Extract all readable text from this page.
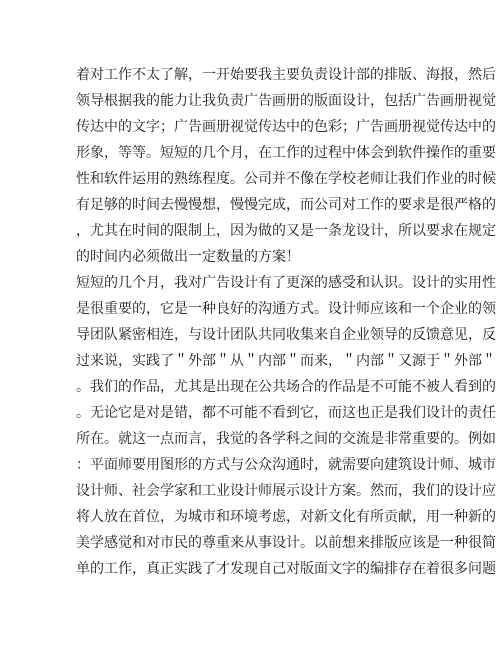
着对工作不太了解，一开始要我主要负责设计部的排版、海报，然后
领导根据我的能力让我负责广告画册的版面设计，包括广告画册视觉
传达中的文字；广告画册视觉传达中的色彩；广告画册视觉传达中的
形象，等等。短短的几个月，在工作的过程中体会到软件操作的重要
性和软件运用的熟练程度。公司并不像在学校老师让我们作业的时候
有足够的时间去慢慢想，慢慢完成，而公司对工作的要求是很严格的
，尤其在时间的限制上，因为做的又是一条龙设计，所以要求在规定
的时间内必须做出一定数量的方案！
短短的几个月，我对广告设计有了更深的感受和认识。设计的实用性
是很重要的，它是一种良好的沟通方式。设计师应该和一个企业的领
导团队紧密相连，与设计团队共同收集来自企业领导的反馈意见，反
过来说，实践了＂外部＂从＂内部＂而来，＂内部＂又源于＂外部＂
。我们的作品，尤其是出现在公共场合的作品是不可能不被人看到的
。无论它是对是错，都不可能不看到它，而这也正是我们设计的责任
所在。就这一点而言，我觉的各学科之间的交流是非常重要的。例如
：平面师要用图形的方式与公众沟通时，就需要向建筑设计师、城市
设计师、社会学家和工业设计师展示设计方案。然而，我们的设计应
将人放在首位，为城市和环境考虑，对新文化有所贡献，用一种新的
美学感觉和对市民的尊重来从事设计。以前想来排版应该是一种很简
单的工作，真正实践了才发现自己对版面文字的编排存在着很多问题
